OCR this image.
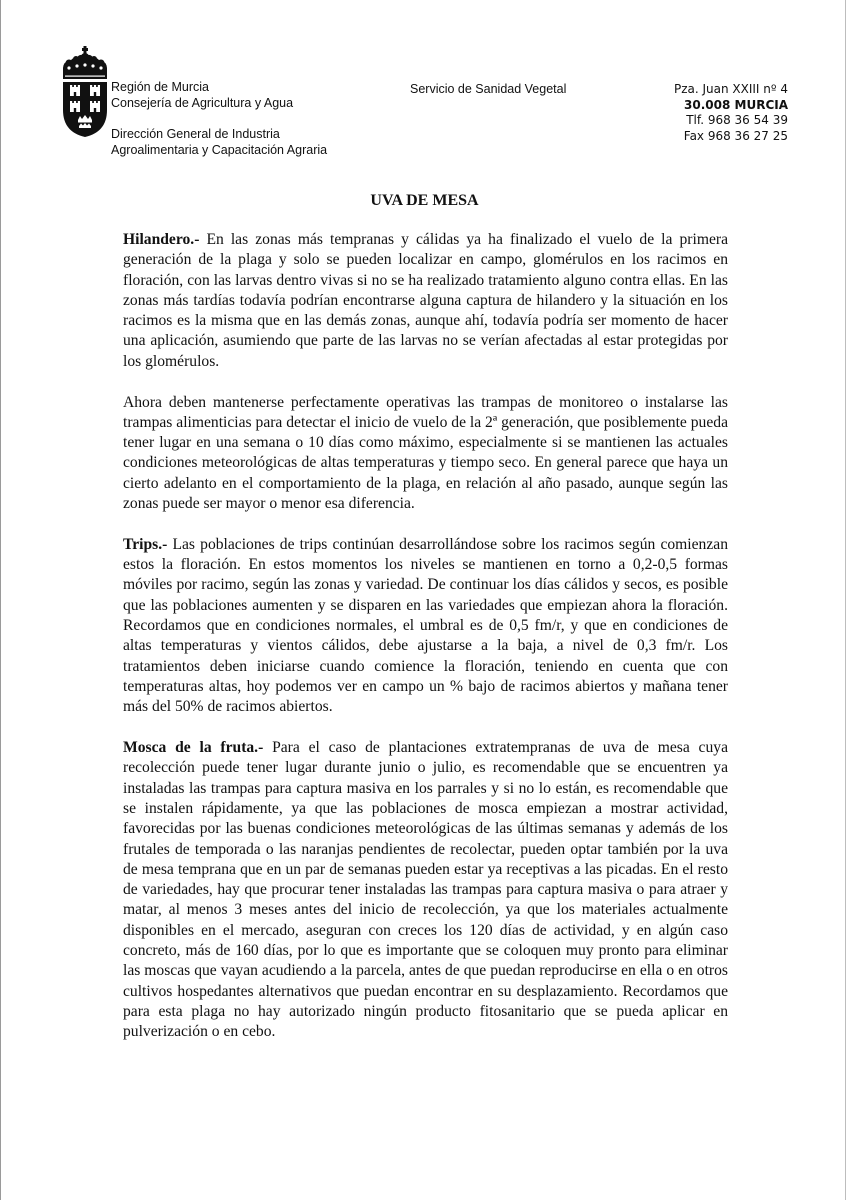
Región de Murcia
Consejería de Agricultura y Agua
Dirección General de Industria
Agroalimentaria y Capacitación Agraria
Servicio de Sanidad Vegetal	Pza. Juan XXIII nº 4
30.008 MURCIA
Tlf. 968 36 54 39
Fax 968 36 27 25
UVA DE MESA

Hilandero.- En las zonas más tempranas y cálidas ya ha finalizado el vuelo de la primera generación de la plaga y solo se pueden localizar en campo, glomérulos en los racimos en floración, con las larvas dentro vivas si no se ha realizado tratamiento alguno contra ellas. En las zonas más tardías todavía podrían encontrarse alguna captura de hilandero y la situación en los racimos es la misma que en las demás zonas, aunque ahí, todavía podría ser momento de hacer una aplicación, asumiendo que parte de las larvas no se verían afectadas al estar protegidas por los glomérulos.

Ahora deben mantenerse perfectamente operativas las trampas de monitoreo o instalarse las trampas alimenticias para detectar el inicio de vuelo de la 2ª generación, que posiblemente pueda tener lugar en una semana o 10 días como máximo, especialmente si se mantienen las actuales condiciones meteorológicas de altas temperaturas y tiempo seco. En general parece que haya un cierto adelanto en el comportamiento de la plaga, en relación al año pasado, aunque según las zonas puede ser mayor o menor esa diferencia.

Trips.- Las poblaciones de trips continúan desarrollándose sobre los racimos según comienzan estos la floración. En estos momentos los niveles se mantienen en torno a 0,2-0,5 formas móviles por racimo, según las zonas y variedad. De continuar los días cálidos y secos, es posible que las poblaciones aumenten y se disparen en las variedades que empiezan ahora la floración. Recordamos que en condiciones normales, el umbral es de 0,5 fm/r, y que en condiciones de altas temperaturas y vientos cálidos, debe ajustarse a la baja, a nivel de 0,3 fm/r. Los tratamientos deben iniciarse cuando comience la floración, teniendo en cuenta que con temperaturas altas, hoy podemos ver en campo un % bajo de racimos abiertos y mañana tener más del 50% de racimos abiertos.

Mosca de la fruta.- Para el caso de plantaciones extratempranas de uva de mesa cuya recolección puede tener lugar durante junio o julio, es recomendable que se encuentren ya instaladas las trampas para captura masiva en los parrales y si no lo están, es recomendable que se instalen rápidamente, ya que las poblaciones de mosca empiezan a mostrar actividad, favorecidas por las buenas condiciones meteorológicas de las últimas semanas y además de los frutales de temporada o las naranjas pendientes de recolectar, pueden optar también por la uva de mesa temprana que en un par de semanas pueden estar ya receptivas a las picadas. En el resto de variedades, hay que procurar tener instaladas las trampas para captura masiva o para atraer y matar, al menos 3 meses antes del inicio de recolección, ya que los materiales actualmente disponibles en el mercado, aseguran con creces los 120 días de actividad, y en algún caso concreto, más de 160 días, por lo que es importante que se coloquen muy pronto para eliminar las moscas que vayan acudiendo a la parcela, antes de que puedan reproducirse en ella o en otros cultivos hospedantes alternativos que puedan encontrar en su desplazamiento. Recordamos que para esta plaga no hay autorizado ningún producto fitosanitario que se pueda aplicar en pulverización o en cebo.
